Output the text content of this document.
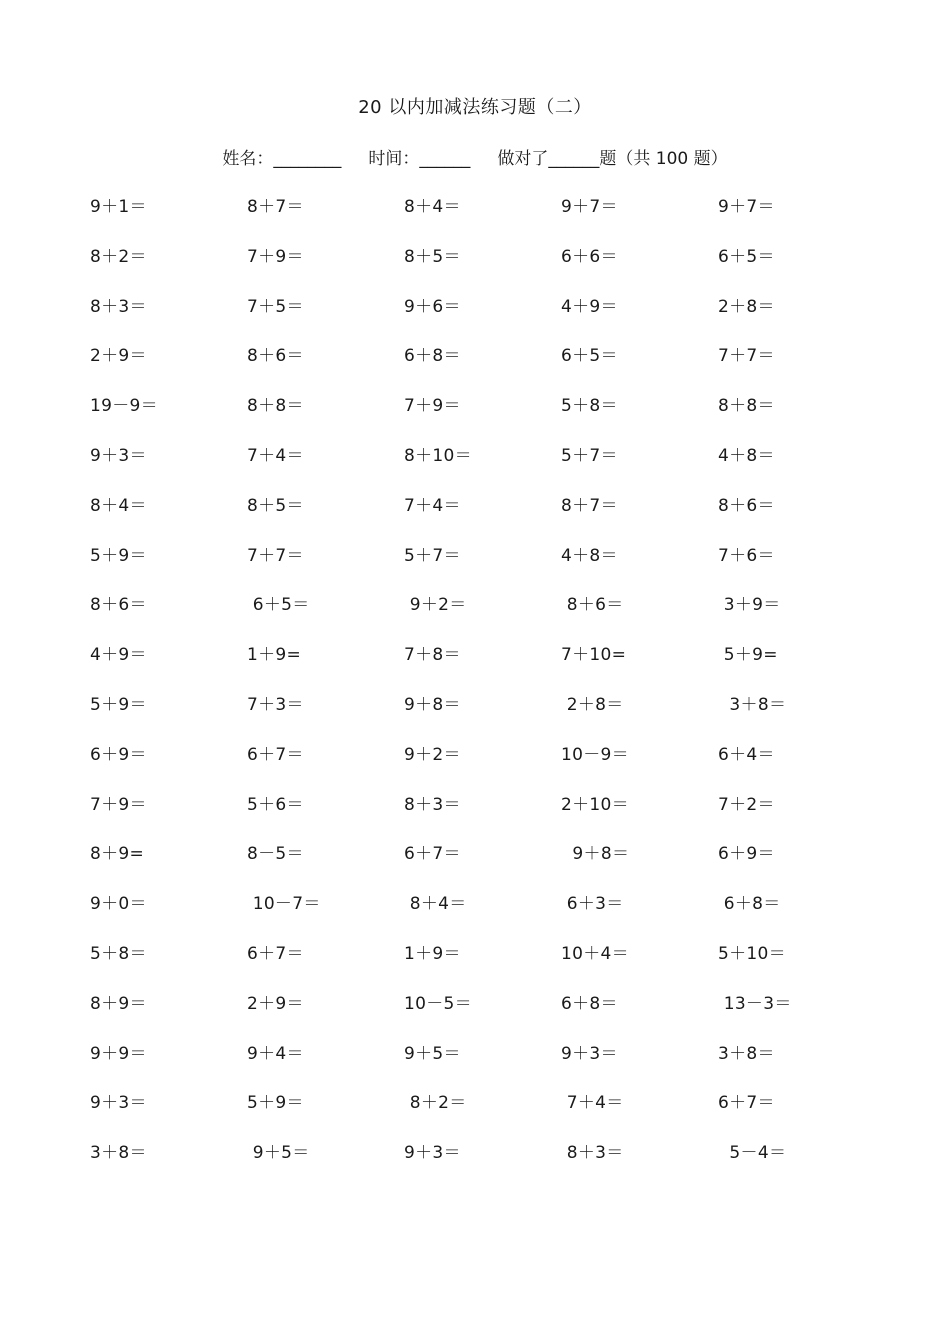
20 以内加减法练习题（二）
姓名：________ 时间：______ 做对了______题（共 100 题）
9＋1＝	8＋7＝	8＋4＝	9＋7＝	9＋7＝
8＋2＝	7＋9＝	8＋5＝	6＋6＝	6＋5＝
8＋3＝	7＋5＝	9＋6＝	4＋9＝	2＋8＝
2＋9＝	8＋6＝	6＋8＝	6＋5＝	7＋7＝
19－9＝	8＋8＝	7＋9＝	5＋8＝	8＋8＝
9＋3＝	7＋4＝	8＋10＝	5＋7＝	4＋8＝
8＋4＝	8＋5＝	7＋4＝	8＋7＝	8＋6＝
5＋9＝	7＋7＝	5＋7＝	4＋8＝	7＋6＝
8＋6＝	6＋5＝	9＋2＝	8＋6＝	3＋9＝
4＋9＝	1＋9=	7＋8＝	7＋10=	5＋9=
5＋9＝	7＋3＝	9＋8＝	2＋8＝	3＋8＝
6＋9＝	6＋7＝	9＋2＝	10－9＝	6＋4＝
7＋9＝	5＋6＝	8＋3＝	2＋10＝	7＋2＝
8＋9=	8－5＝	6＋7＝	9＋8＝	6＋9＝
9＋0＝	10－7＝	8＋4＝	6＋3＝	6＋8＝
5＋8＝	6＋7＝	1＋9＝	10＋4＝	5＋10＝
8＋9＝	2＋9＝	10－5＝	6＋8＝	13－3＝
9＋9＝	9＋4＝	9＋5＝	9＋3＝	3＋8＝
9＋3＝	5＋9＝	8＋2＝	7＋4＝	6＋7＝
3＋8＝	9＋5＝	9＋3＝	8＋3＝	5－4＝
